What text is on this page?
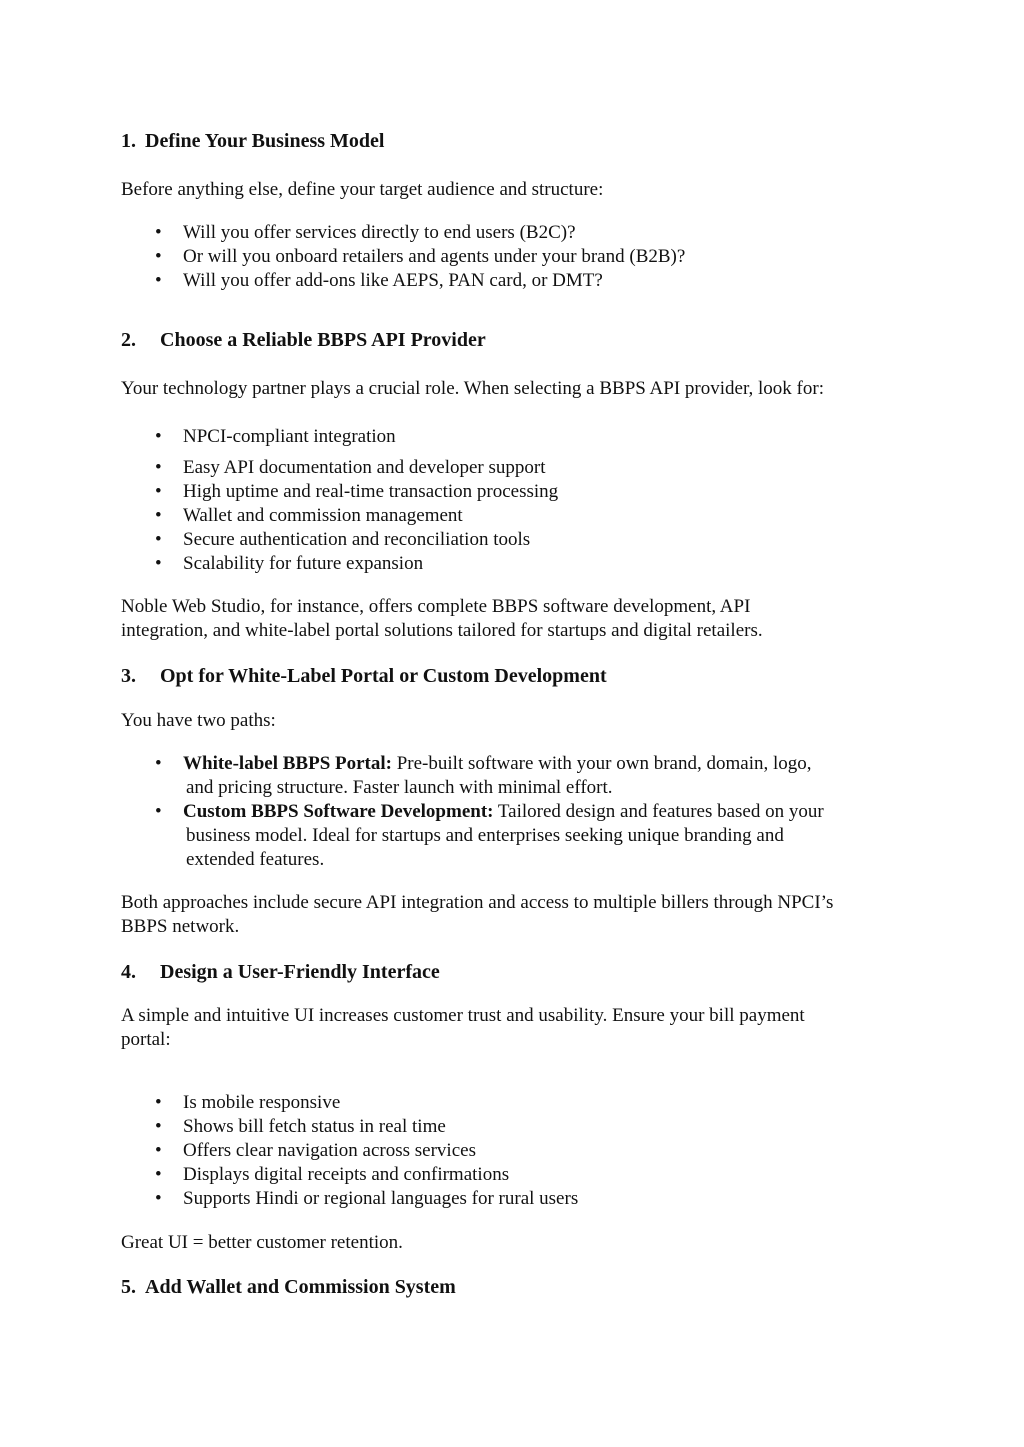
1. Define Your Business Model

Before anything else, define your target audience and structure:

• Will you offer services directly to end users (B2C)?
• Or will you onboard retailers and agents under your brand (B2B)?
• Will you offer add-ons like AEPS, PAN card, or DMT?
2. Choose a Reliable BBPS API Provider

Your technology partner plays a crucial role. When selecting a BBPS API provider, look for:

• NPCI-compliant integration
• Easy API documentation and developer support
• High uptime and real-time transaction processing
• Wallet and commission management
• Secure authentication and reconciliation tools
• Scalability for future expansion

Noble Web Studio, for instance, offers complete BBPS software development, API
integration, and white-label portal solutions tailored for startups and digital retailers.

3. Opt for White-Label Portal or Custom Development

You have two paths:

• White-label BBPS Portal: Pre-built software with your own brand, domain, logo,
and pricing structure. Faster launch with minimal effort.
• Custom BBPS Software Development: Tailored design and features based on your
business model. Ideal for startups and enterprises seeking unique branding and
extended features.

Both approaches include secure API integration and access to multiple billers through NPCI’s
BBPS network.

4. Design a User-Friendly Interface

A simple and intuitive UI increases customer trust and usability. Ensure your bill payment
portal:

• Is mobile responsive
• Shows bill fetch status in real time
• Offers clear navigation across services
• Displays digital receipts and confirmations
• Supports Hindi or regional languages for rural users

Great UI = better customer retention.

5. Add Wallet and Commission System
